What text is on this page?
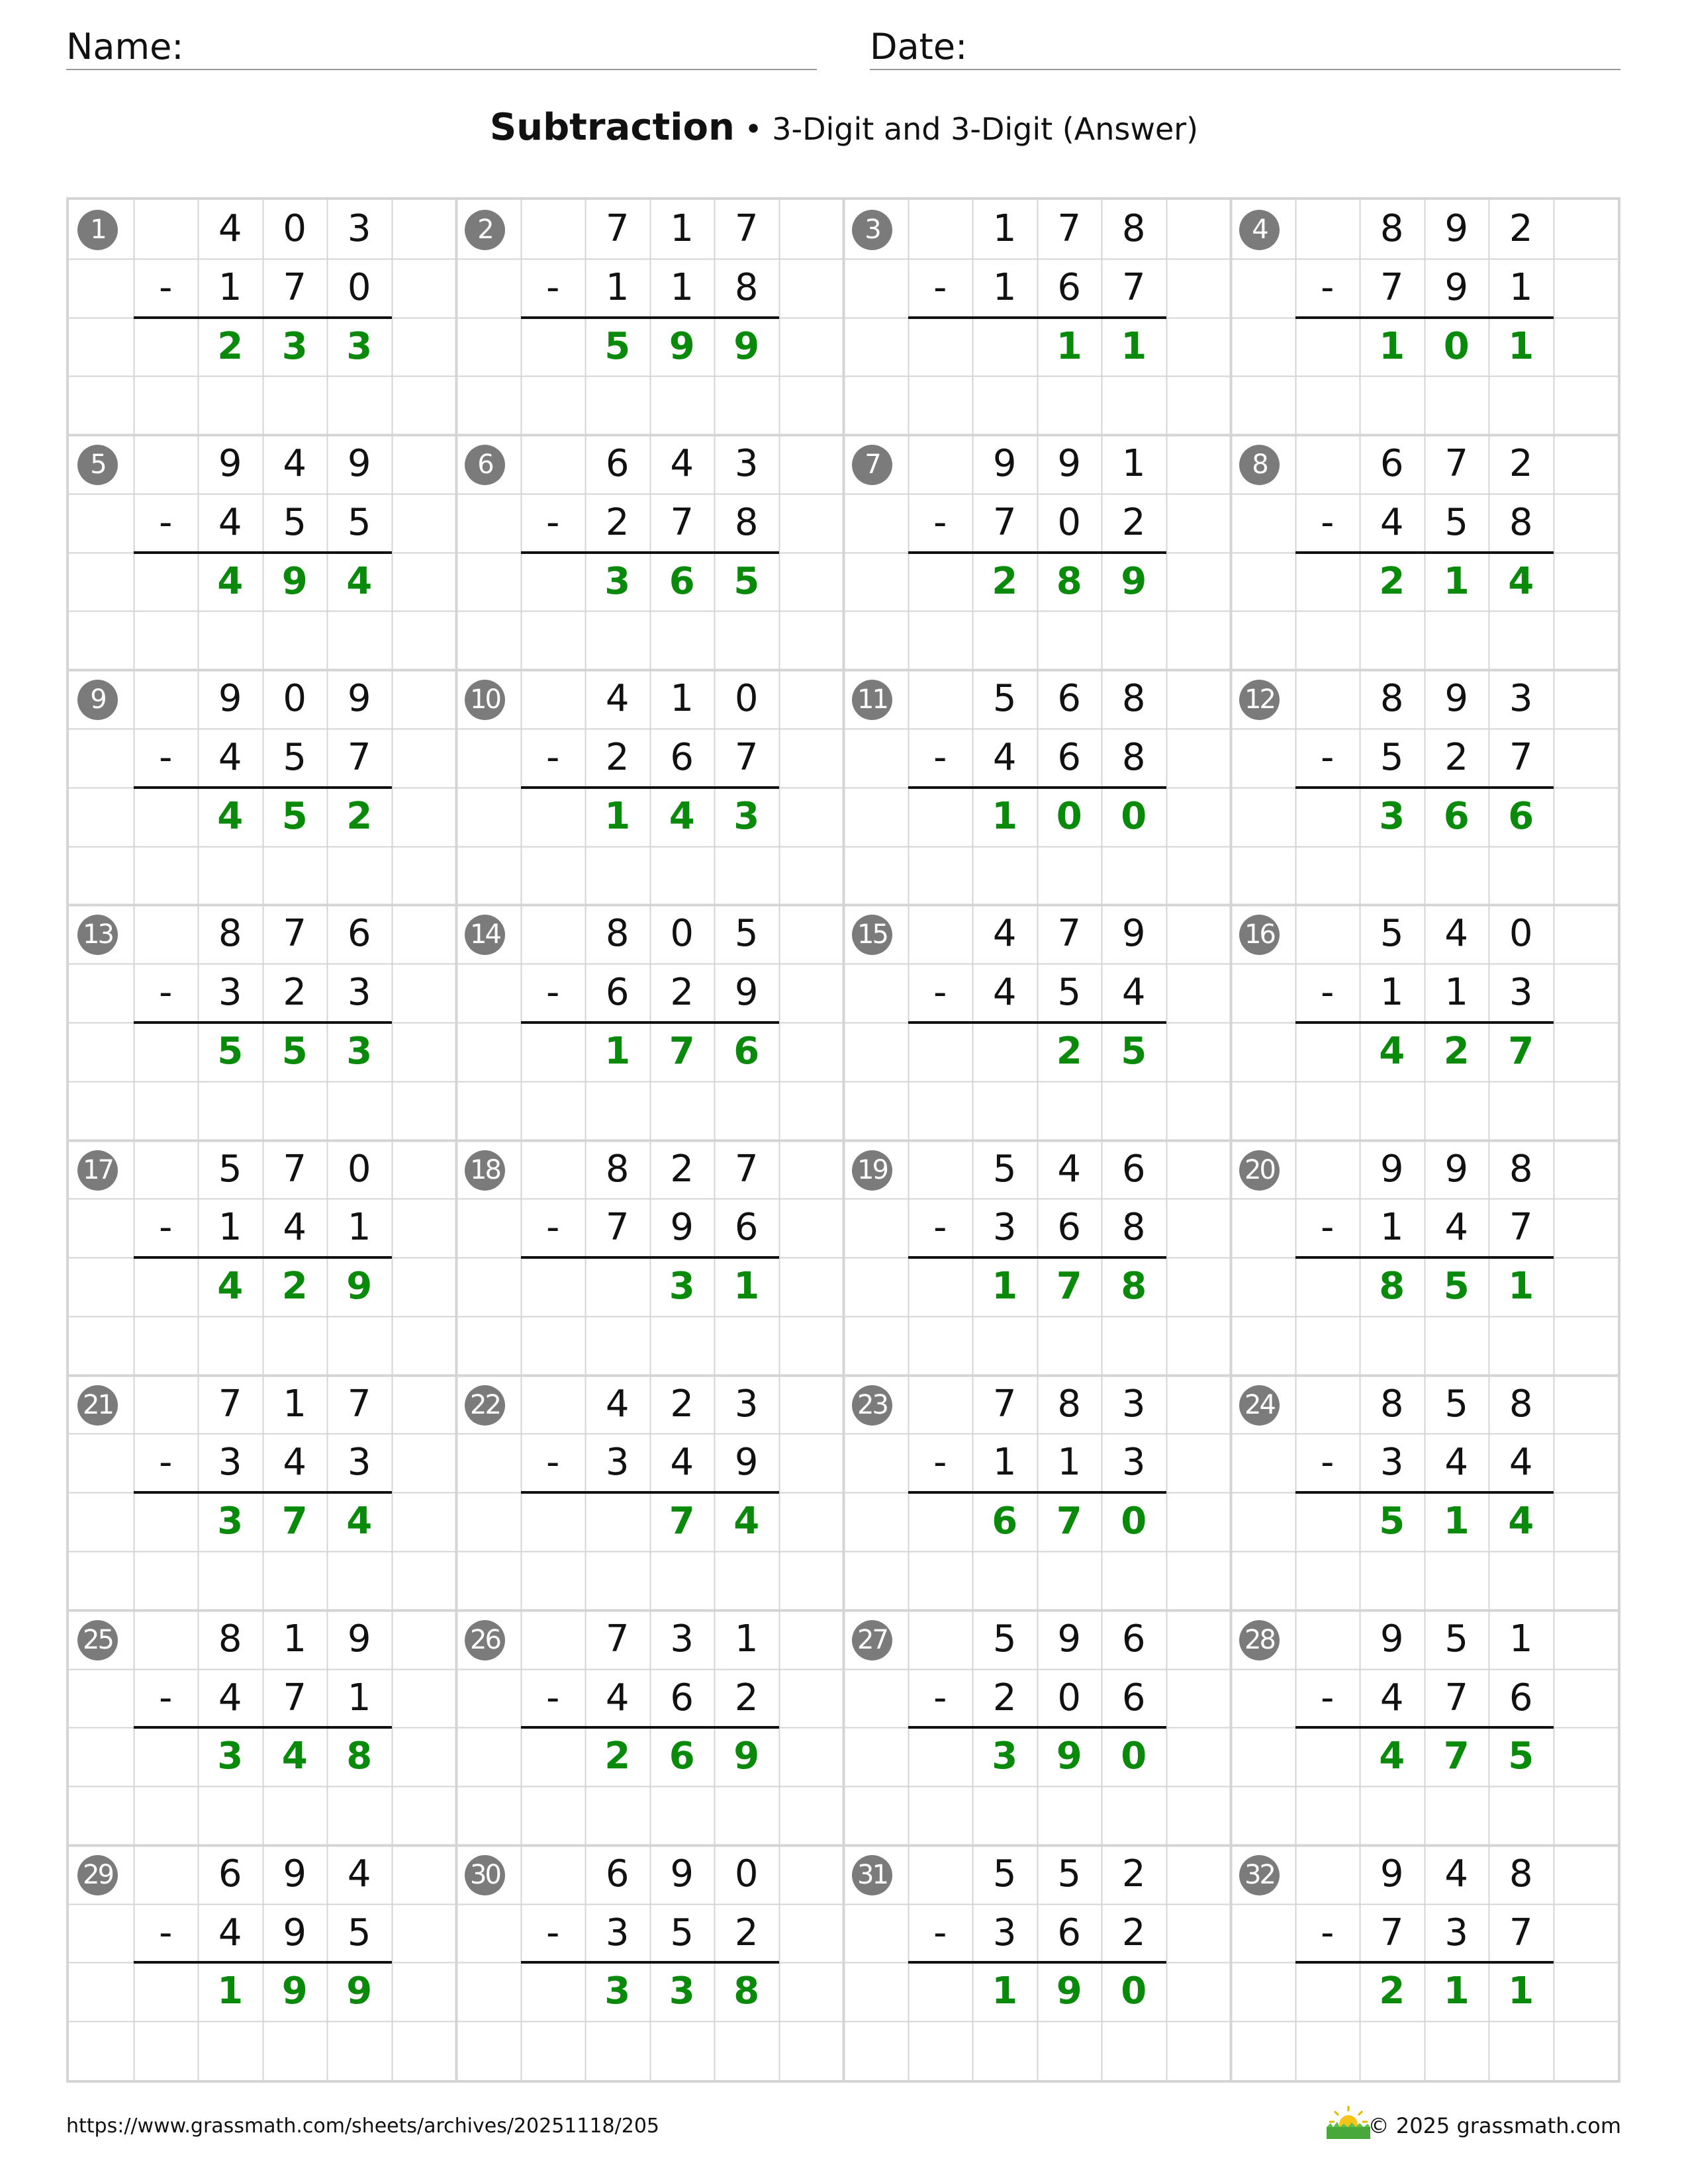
Name:	Date:
Subtraction • 3-Digit and 3-Digit (Answer)
1	4	0	3
-	1	7	0
2	3	3
2	7	1	7
-	1	1	8
5	9	9
3	1	7	8
-	1	6	7
1	1
4	8	9	2
-	7	9	1
1	0	1
5	9	4	9
-	4	5	5
4	9	4
6	6	4	3
-	2	7	8
3	6	5
7	9	9	1
-	7	0	2
2	8	9
8	6	7	2
-	4	5	8
2	1	4
9	9	0	9
-	4	5	7
4	5	2
10	4	1	0
-	2	6	7
1	4	3
11	5	6	8
-	4	6	8
1	0	0
12	8	9	3
-	5	2	7
3	6	6
13	8	7	6
-	3	2	3
5	5	3
14	8	0	5
-	6	2	9
1	7	6
15	4	7	9
-	4	5	4
2	5
16	5	4	0
-	1	1	3
4	2	7
17	5	7	0
-	1	4	1
4	2	9
18	8	2	7
-	7	9	6
3	1
19	5	4	6
-	3	6	8
1	7	8
20	9	9	8
-	1	4	7
8	5	1
21	7	1	7
-	3	4	3
3	7	4
22	4	2	3
-	3	4	9
7	4
23	7	8	3
-	1	1	3
6	7	0
24	8	5	8
-	3	4	4
5	1	4
25	8	1	9
-	4	7	1
3	4	8
26	7	3	1
-	4	6	2
2	6	9
27	5	9	6
-	2	0	6
3	9	0
28	9	5	1
-	4	7	6
4	7	5
29	6	9	4
-	4	9	5
1	9	9
30	6	9	0
-	3	5	2
3	3	8
31	5	5	2
-	3	6	2
1	9	0
32	9	4	8
-	7	3	7
2	1	1
https://www.grassmath.com/sheets/archives/20251118/205	© 2025 grassmath.com
